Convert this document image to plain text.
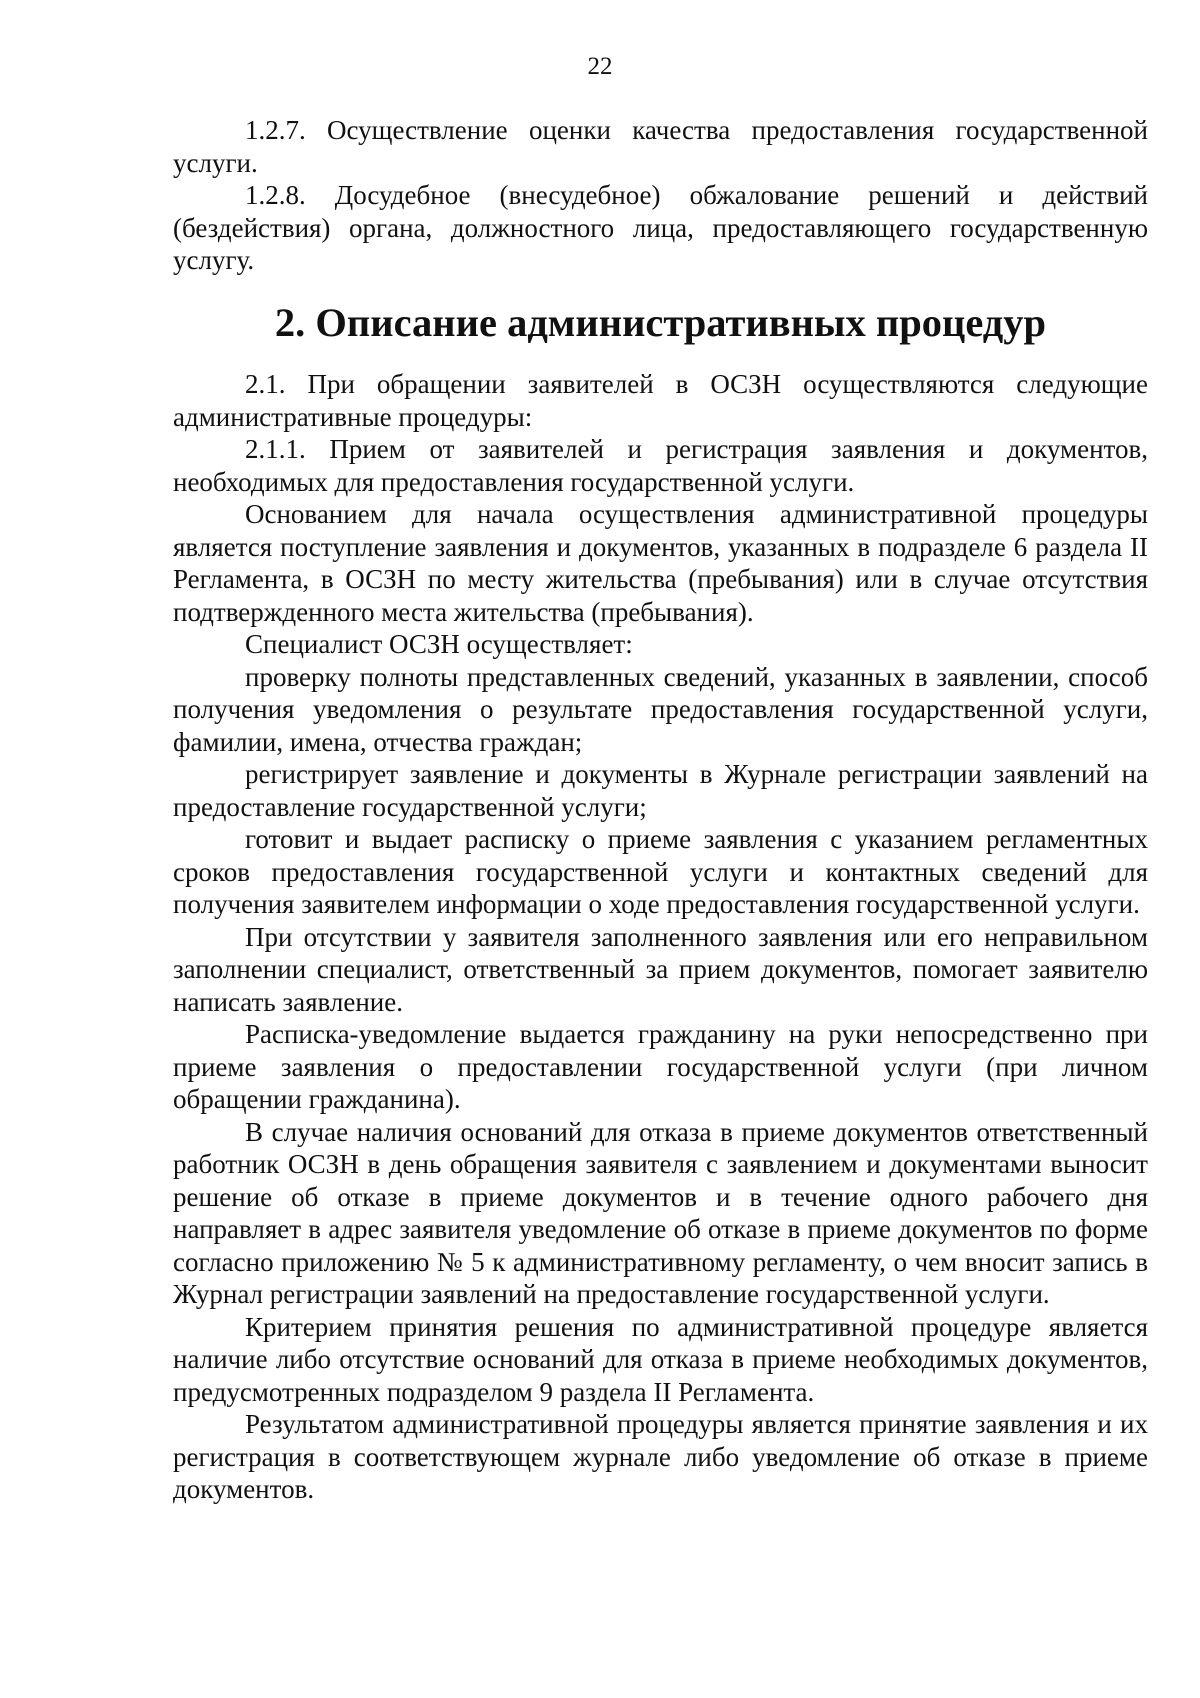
22

1.2.7. Осуществление оценки качества предоставления государственной услуги.

1.2.8. Досудебное (внесудебное) обжалование решений и действий (бездействия) органа, должностного лица, предоставляющего государственную услугу.

2. Описание административных процедур

2.1. При обращении заявителей в ОСЗН осуществляются следующие административные процедуры:

2.1.1. Прием от заявителей и регистрация заявления и документов, необходимых для предоставления государственной услуги.

Основанием для начала осуществления административной процедуры является поступление заявления и документов, указанных в подразделе 6 раздела II Регламента, в ОСЗН по месту жительства (пребывания) или в случае отсутствия подтвержденного места жительства (пребывания).

Специалист ОСЗН осуществляет:

проверку полноты представленных сведений, указанных в заявлении, способ получения уведомления о результате предоставления государственной услуги, фамилии, имена, отчества граждан;

регистрирует заявление и документы в Журнале регистрации заявлений на предоставление государственной услуги;

готовит и выдает расписку о приеме заявления с указанием регламентных сроков предоставления государственной услуги и контактных сведений для получения заявителем информации о ходе предоставления государственной услуги.

При отсутствии у заявителя заполненного заявления или его неправильном заполнении специалист, ответственный за прием документов, помогает заявителю написать заявление.

Расписка-уведомление выдается гражданину на руки непосредственно при приеме заявления о предоставлении государственной услуги (при личном обращении гражданина).

В случае наличия оснований для отказа в приеме документов ответственный работник ОСЗН в день обращения заявителя с заявлением и документами выносит решение об отказе в приеме документов и в течение одного рабочего дня направляет в адрес заявителя уведомление об отказе в приеме документов по форме согласно приложению № 5 к административному регламенту, о чем вносит запись в Журнал регистрации заявлений на предоставление государственной услуги.

Критерием принятия решения по административной процедуре является наличие либо отсутствие оснований для отказа в приеме необходимых документов, предусмотренных подразделом 9 раздела II Регламента.

Результатом административной процедуры является принятие заявления и их регистрация в соответствующем журнале либо уведомление об отказе в приеме документов.
